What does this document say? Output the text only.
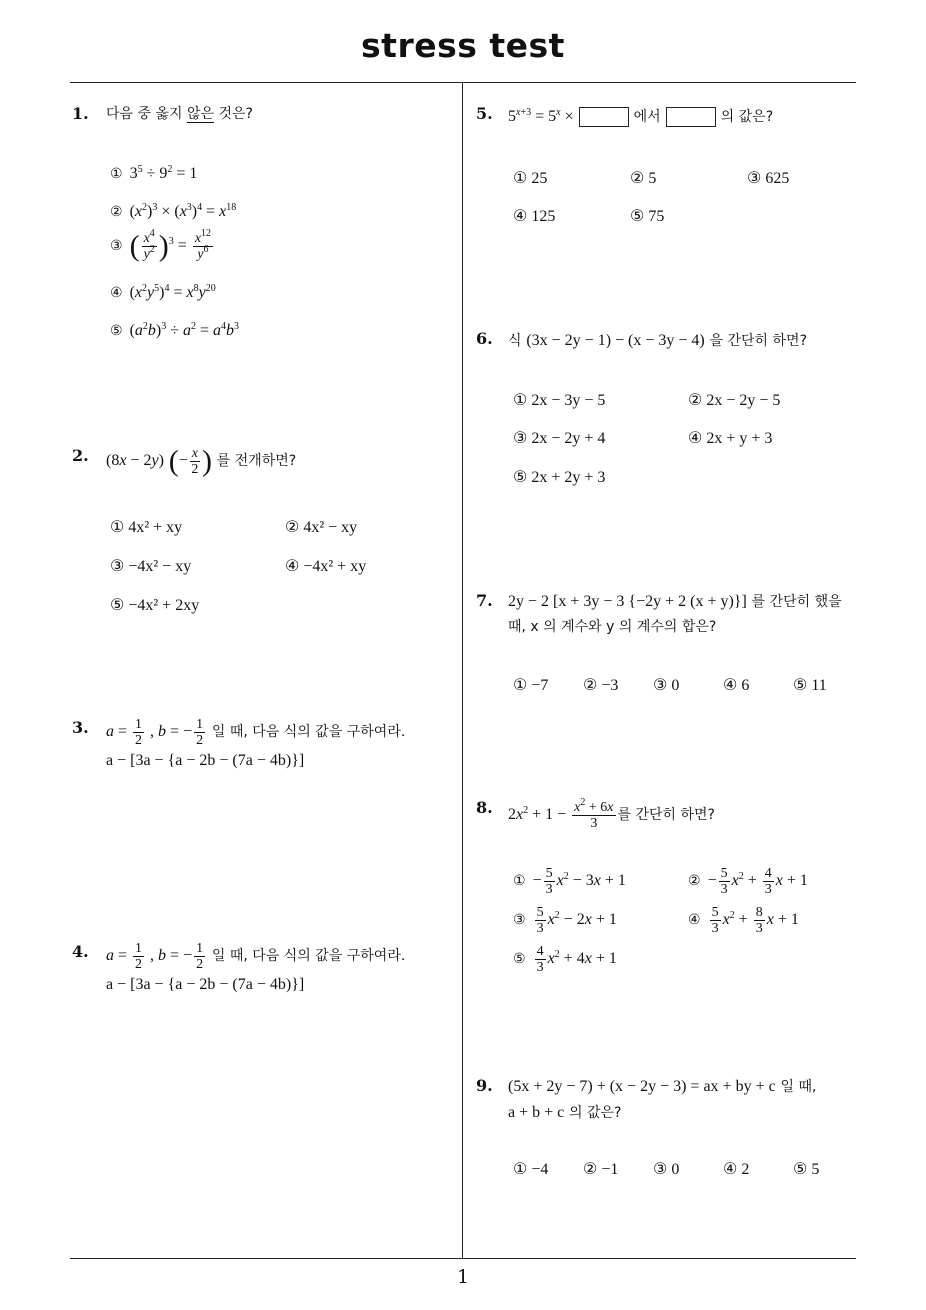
stress test
1
1. 다음 중 옳지 않은 것은?
① $3^5 \div 9^2 = 1$
② $(x^2)^3 \times (x^3)^4 = x^{18}$
③ ( $\frac{x^4}{y^2} )^3 = \frac{x^{12}}{y^6}$
④ $(x^2y^5)^4 = x^8y^{20}$
⑤ $(a^2b)^3 \div a^2 = a^4b^3$
2. (8x − 2y) (− $\frac{x}{2}$ ) 를 전개하면?
① 4x² + xy	② 4x² − xy
③ −4x² − xy	④ −4x² + xy
⑤ −4x² + 2xy
3. $a = \frac{1}{2}$ , b = − $\frac{1}{2}$ 일 때, 다음 식의 값을 구하여라.
a − [3a − {a − 2b − (7a − 4b)}]
4. $a = \frac{1}{2}$ , b = − $\frac{1}{2}$ 일 때, 다음 식의 값을 구하여라.
a − [3a − {a − 2b − (7a − 4b)}]
5. $5^{x+3} = 5^x$ ×	에서	의 값은?
① 25	② 5	③ 625
④ 125	⑤ 75
6. 식 (3x − 2y − 1) − (x − 3y − 4) 을 간단히 하면?
① 2x − 3y − 5	② 2x − 2y − 5
③ 2x − 2y + 4	④ 2x + y + 3
⑤ 2x + 2y + 3
7. 2y − 2 [x + 3y − 3 {−2y + 2 (x + y)}] 를 간단히 했을
때, x 의 계수와 y 의 계수의 합은?
① −7 ② −3 ③ 0	④ 6	⑤ 11
8. $2x^2 + 1 - \frac{x^2 + 6x}{3}$ 를 간단히 하면?
① − $\frac{5}{3} x^2 - 3x + 1$	② − $\frac{5}{3} x^2 + \frac{4}{3}$ x + 1
③ $\frac{5}{3} x^2 - 2x + 1$	④ $\frac{5}{3} x^2 + \frac{8}{3}$ x + 1
⑤ $\frac{4}{3} x^2 + 4x + 1$
9. (5x + 2y − 7) + (x − 2y − 3) = ax + by + c 일 때,
a + b + c 의 값은?
① −4 ② −1 ③ 0	④ 2	⑤ 5
